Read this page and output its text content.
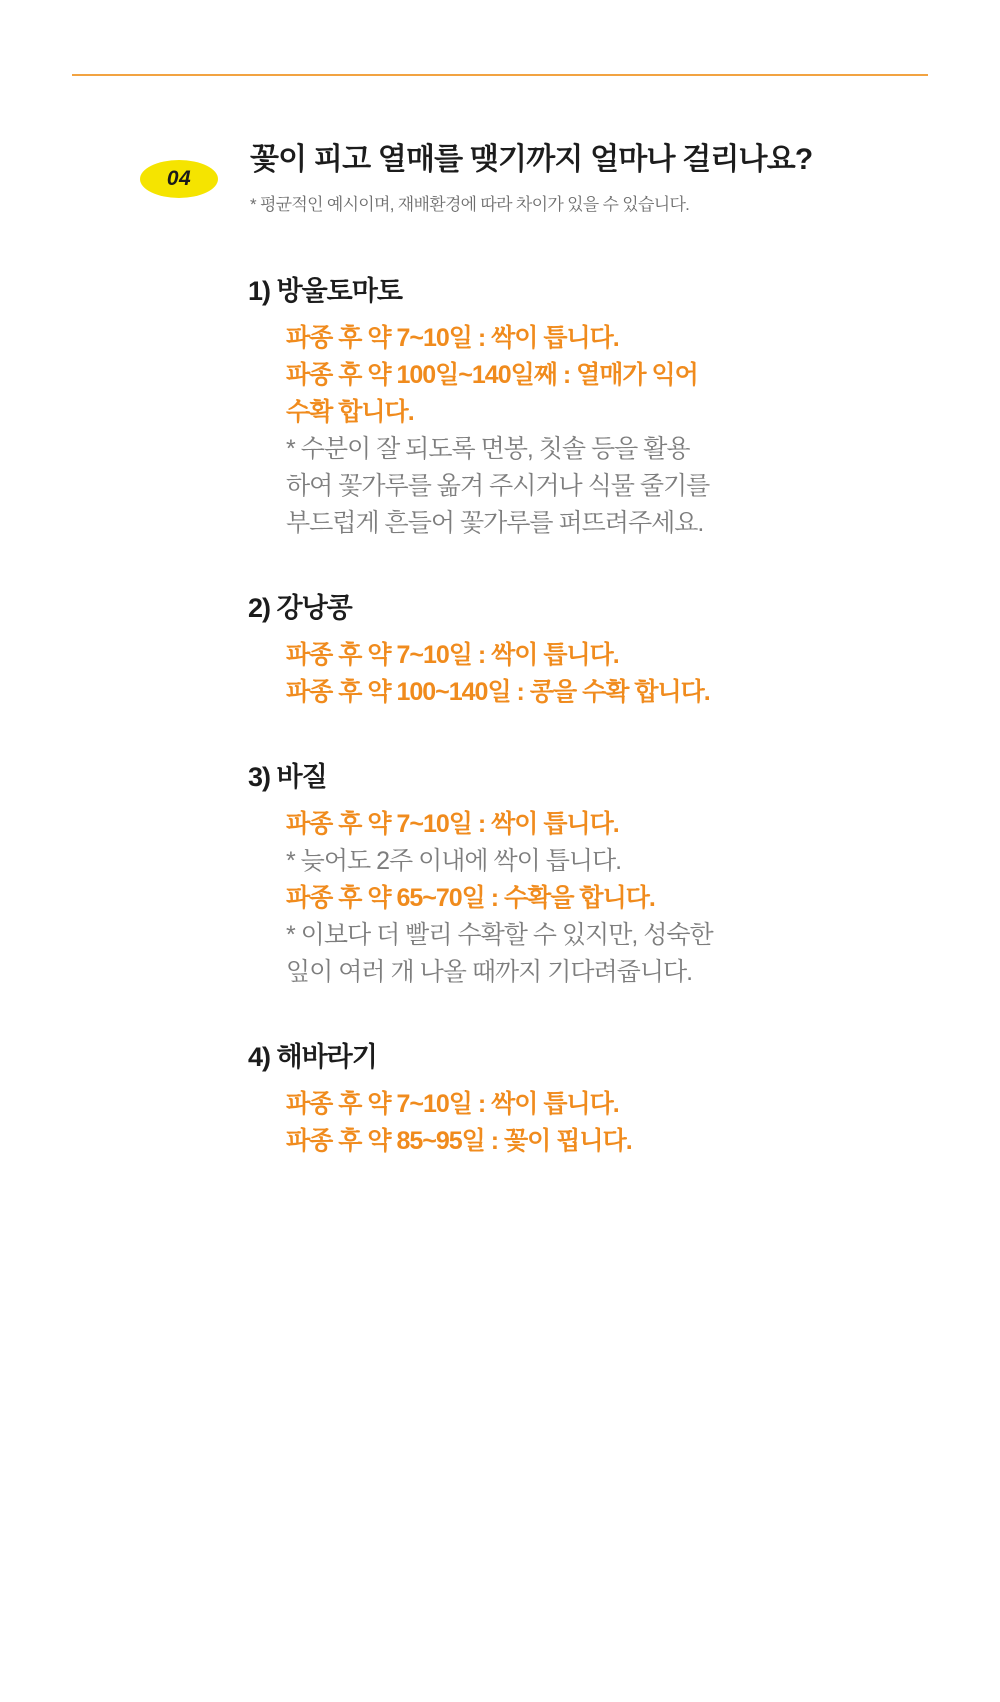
04
꽃이 피고 열매를 맺기까지 얼마나 걸리나요?
* 평균적인 예시이며, 재배환경에 따라 차이가 있을 수 있습니다.
1) 방울토마토
파종 후 약 7~10일 : 싹이 틉니다.
파종 후 약 100일~140일째 : 열매가 익어
수확 합니다.
* 수분이 잘 되도록 면봉, 칫솔 등을 활용
하여 꽃가루를 옮겨 주시거나 식물 줄기를
부드럽게 흔들어 꽃가루를 퍼뜨려주세요.
2) 강낭콩
파종 후 약 7~10일 : 싹이 틉니다.
파종 후 약 100~140일 : 콩을 수확 합니다.
3) 바질
파종 후 약 7~10일 : 싹이 틉니다.
* 늦어도 2주 이내에 싹이 틉니다.
파종 후 약 65~70일 : 수확을 합니다.
* 이보다 더 빨리 수확할 수 있지만, 성숙한
잎이 여러 개 나올 때까지 기다려줍니다.
4) 해바라기
파종 후 약 7~10일 : 싹이 틉니다.
파종 후 약 85~95일 : 꽃이 핍니다.
